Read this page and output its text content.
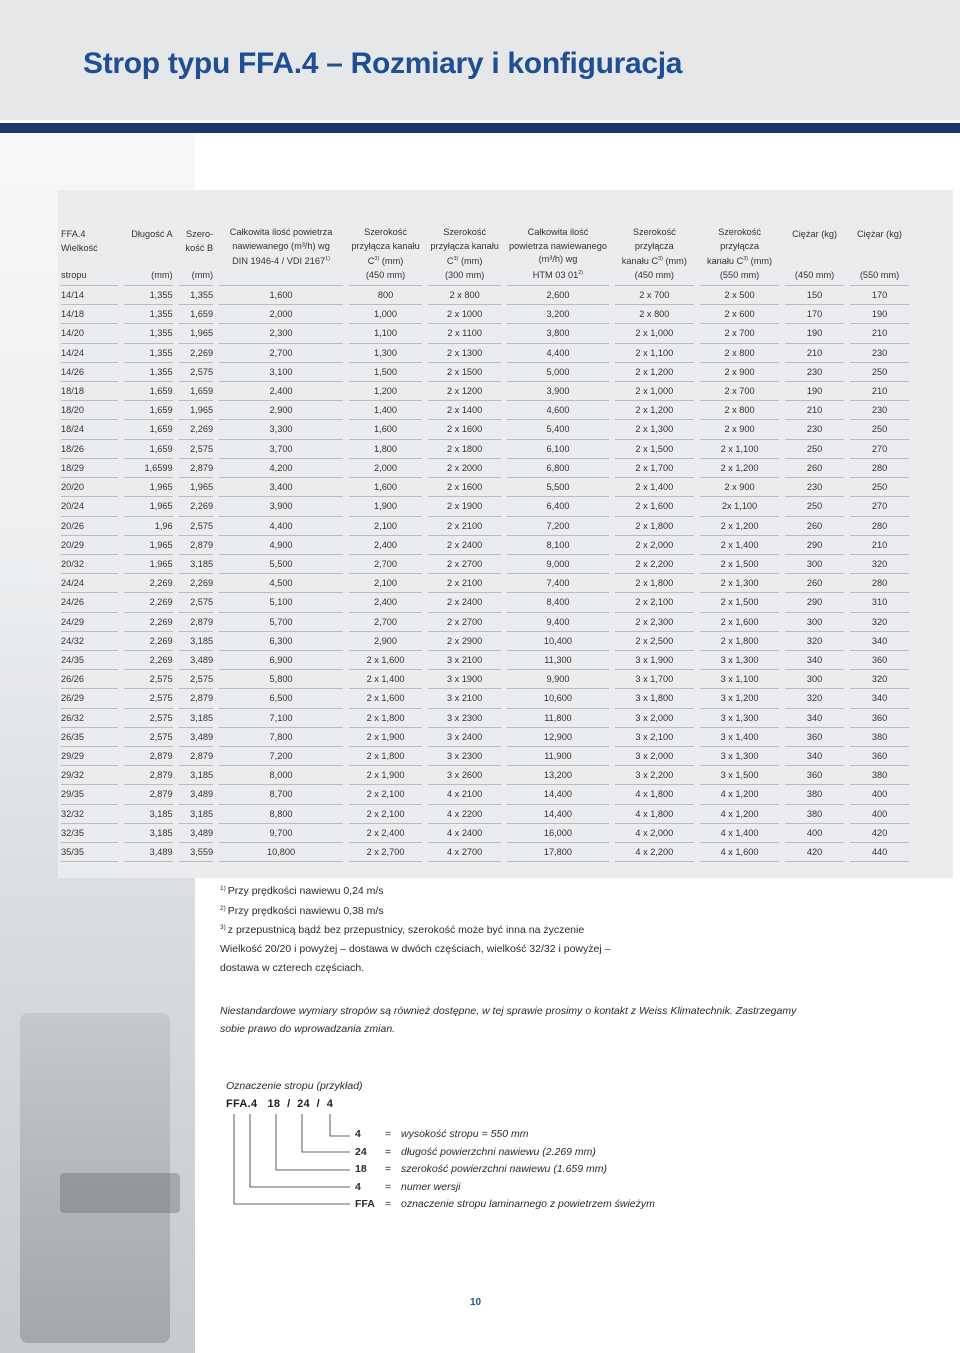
Strop typu FFA.4 – Rozmiary i konfiguracja
FFA.4
Wielkość

stropu	Długość A

(mm)	Szero-
kość B

(mm)	Całkowita ilość powietrza
nawiewanego (m³/h) wg
DIN 1946-4 / VDI 2167$^{1)}$	Szerokość
przyłącza kanału
$C^{3)}$ (mm)
(450 mm)	Szerokość
przyłącza kanału
$C^{3)}$ (mm)
(300 mm)	Całkowita ilość
powietrza nawiewanego
(m³/h) wg
HTM 03 01$^{2)}$	Szerokość
przyłącza
kanału $C^{3)}$ (mm)
(450 mm)	Szerokość
przyłącza
kanału $C^{3)}$ (mm)
(550 mm)	Ciężar (kg)

(450 mm)	Ciężar (kg)

(550 mm)

14/14	1,355	1,355	1,600	800	2 x 800	2,600	2 x 700	2 x 500	150	170
14/18	1,355	1,659	2,000	1,000	2 x 1000	3,200	2 x 800	2 x 600	170	190
14/20	1,355	1,965	2,300	1,100	2 x 1100	3,800	2 x 1,000	2 x 700	190	210
14/24	1,355	2,269	2,700	1,300	2 x 1300	4,400	2 x 1,100	2 x 800	210	230
14/26	1,355	2,575	3,100	1,500	2 x 1500	5,000	2 x 1,200	2 x 900	230	250
18/18	1,659	1,659	2,400	1,200	2 x 1200	3,900	2 x 1,000	2 x 700	190	210
18/20	1,659	1,965	2,900	1,400	2 x 1400	4,600	2 x 1,200	2 x 800	210	230
18/24	1,659	2,269	3,300	1,600	2 x 1600	5,400	2 x 1,300	2 x 900	230	250
18/26	1,659	2,575	3,700	1,800	2 x 1800	6,100	2 x 1,500	2 x 1,100	250	270
18/29	1,6599	2,879	4,200	2,000	2 x 2000	6,800	2 x 1,700	2 x 1,200	260	280
20/20	1,965	1,965	3,400	1,600	2 x 1600	5,500	2 x 1,400	2 x 900	230	250
20/24	1,965	2,269	3,900	1,900	2 x 1900	6,400	2 x 1,600	2x 1,100	250	270
20/26	1,96	2,575	4,400	2,100	2 x 2100	7,200	2 x 1,800	2 x 1,200	260	280
20/29	1,965	2,879	4,900	2,400	2 x 2400	8,100	2 x 2,000	2 x 1,400	290	210
20/32	1,965	3,185	5,500	2,700	2 x 2700	9,000	2 x 2,200	2 x 1,500	300	320
24/24	2,269	2,269	4,500	2,100	2 x 2100	7,400	2 x 1,800	2 x 1,300	260	280
24/26	2,269	2,575	5,100	2,400	2 x 2400	8,400	2 x 2,100	2 x 1,500	290	310
24/29	2,269	2,879	5,700	2,700	2 x 2700	9,400	2 x 2,300	2 x 1,600	300	320
24/32	2,269	3,185	6,300	2,900	2 x 2900	10,400	2 x 2,500	2 x 1,800	320	340
24/35	2,269	3,489	6,900	2 x 1,600	3 x 2100	11,300	3 x 1,900	3 x 1,300	340	360
26/26	2,575	2,575	5,800	2 x 1,400	3 x 1900	9,900	3 x 1,700	3 x 1,100	300	320
26/29	2,575	2,879	6,500	2 x 1,600	3 x 2100	10,600	3 x 1,800	3 x 1,200	320	340
26/32	2,575	3,185	7,100	2 x 1,800	3 x 2300	11,800	3 x 2,000	3 x 1,300	340	360
26/35	2,575	3,489	7,800	2 x 1,900	3 x 2400	12,900	3 x 2,100	3 x 1,400	360	380
29/29	2,879	2,879	7,200	2 x 1,800	3 x 2300	11,900	3 x 2,000	3 x 1,300	340	360
29/32	2,879	3,185	8,000	2 x 1,900	3 x 2600	13,200	3 x 2,200	3 x 1,500	360	380
29/35	2,879	3,489	8,700	2 x 2,100	4 x 2100	14,400	4 x 1,800	4 x 1,200	380	400
32/32	3,185	3,185	8,800	2 x 2,100	4 x 2200	14,400	4 x 1,800	4 x 1,200	380	400
32/35	3,185	3,489	9,700	2 x 2,400	4 x 2400	16,000	4 x 2,000	4 x 1,400	400	420
35/35	3,489	3,559	10,800	2 x 2,700	4 x 2700	17,800	4 x 2,200	4 x 1,600	420	440
$^{1)}$ Przy prędkości nawiewu 0,24 m/s
$^{2)}$ Przy prędkości nawiewu 0,38 m/s
$^{3)}$ z przepustnicą bądź bez przepustnicy, szerokość może być inna na życzenie
Wielkość 20/20 i powyżej – dostawa w dwóch częściach, wielkość 32/32 i powyżej –
dostawa w czterech częściach.
Niestandardowe wymiary stropów są również dostępne, w tej sprawie prosimy o kontakt z Weiss Klimatechnik. Zastrzegamy sobie prawo do wprowadzania zmian.
Oznaczenie stropu (przykład)
FFA.4   18  /  24  /  4
4 = wysokość stropu = 550 mm
24 = długość powierzchni nawiewu (2.269 mm)
18 = szerokość powierzchni nawiewu (1.659 mm)
4 = numer wersji
FFA = oznaczenie stropu laminarnego z powietrzem świeżym
10
